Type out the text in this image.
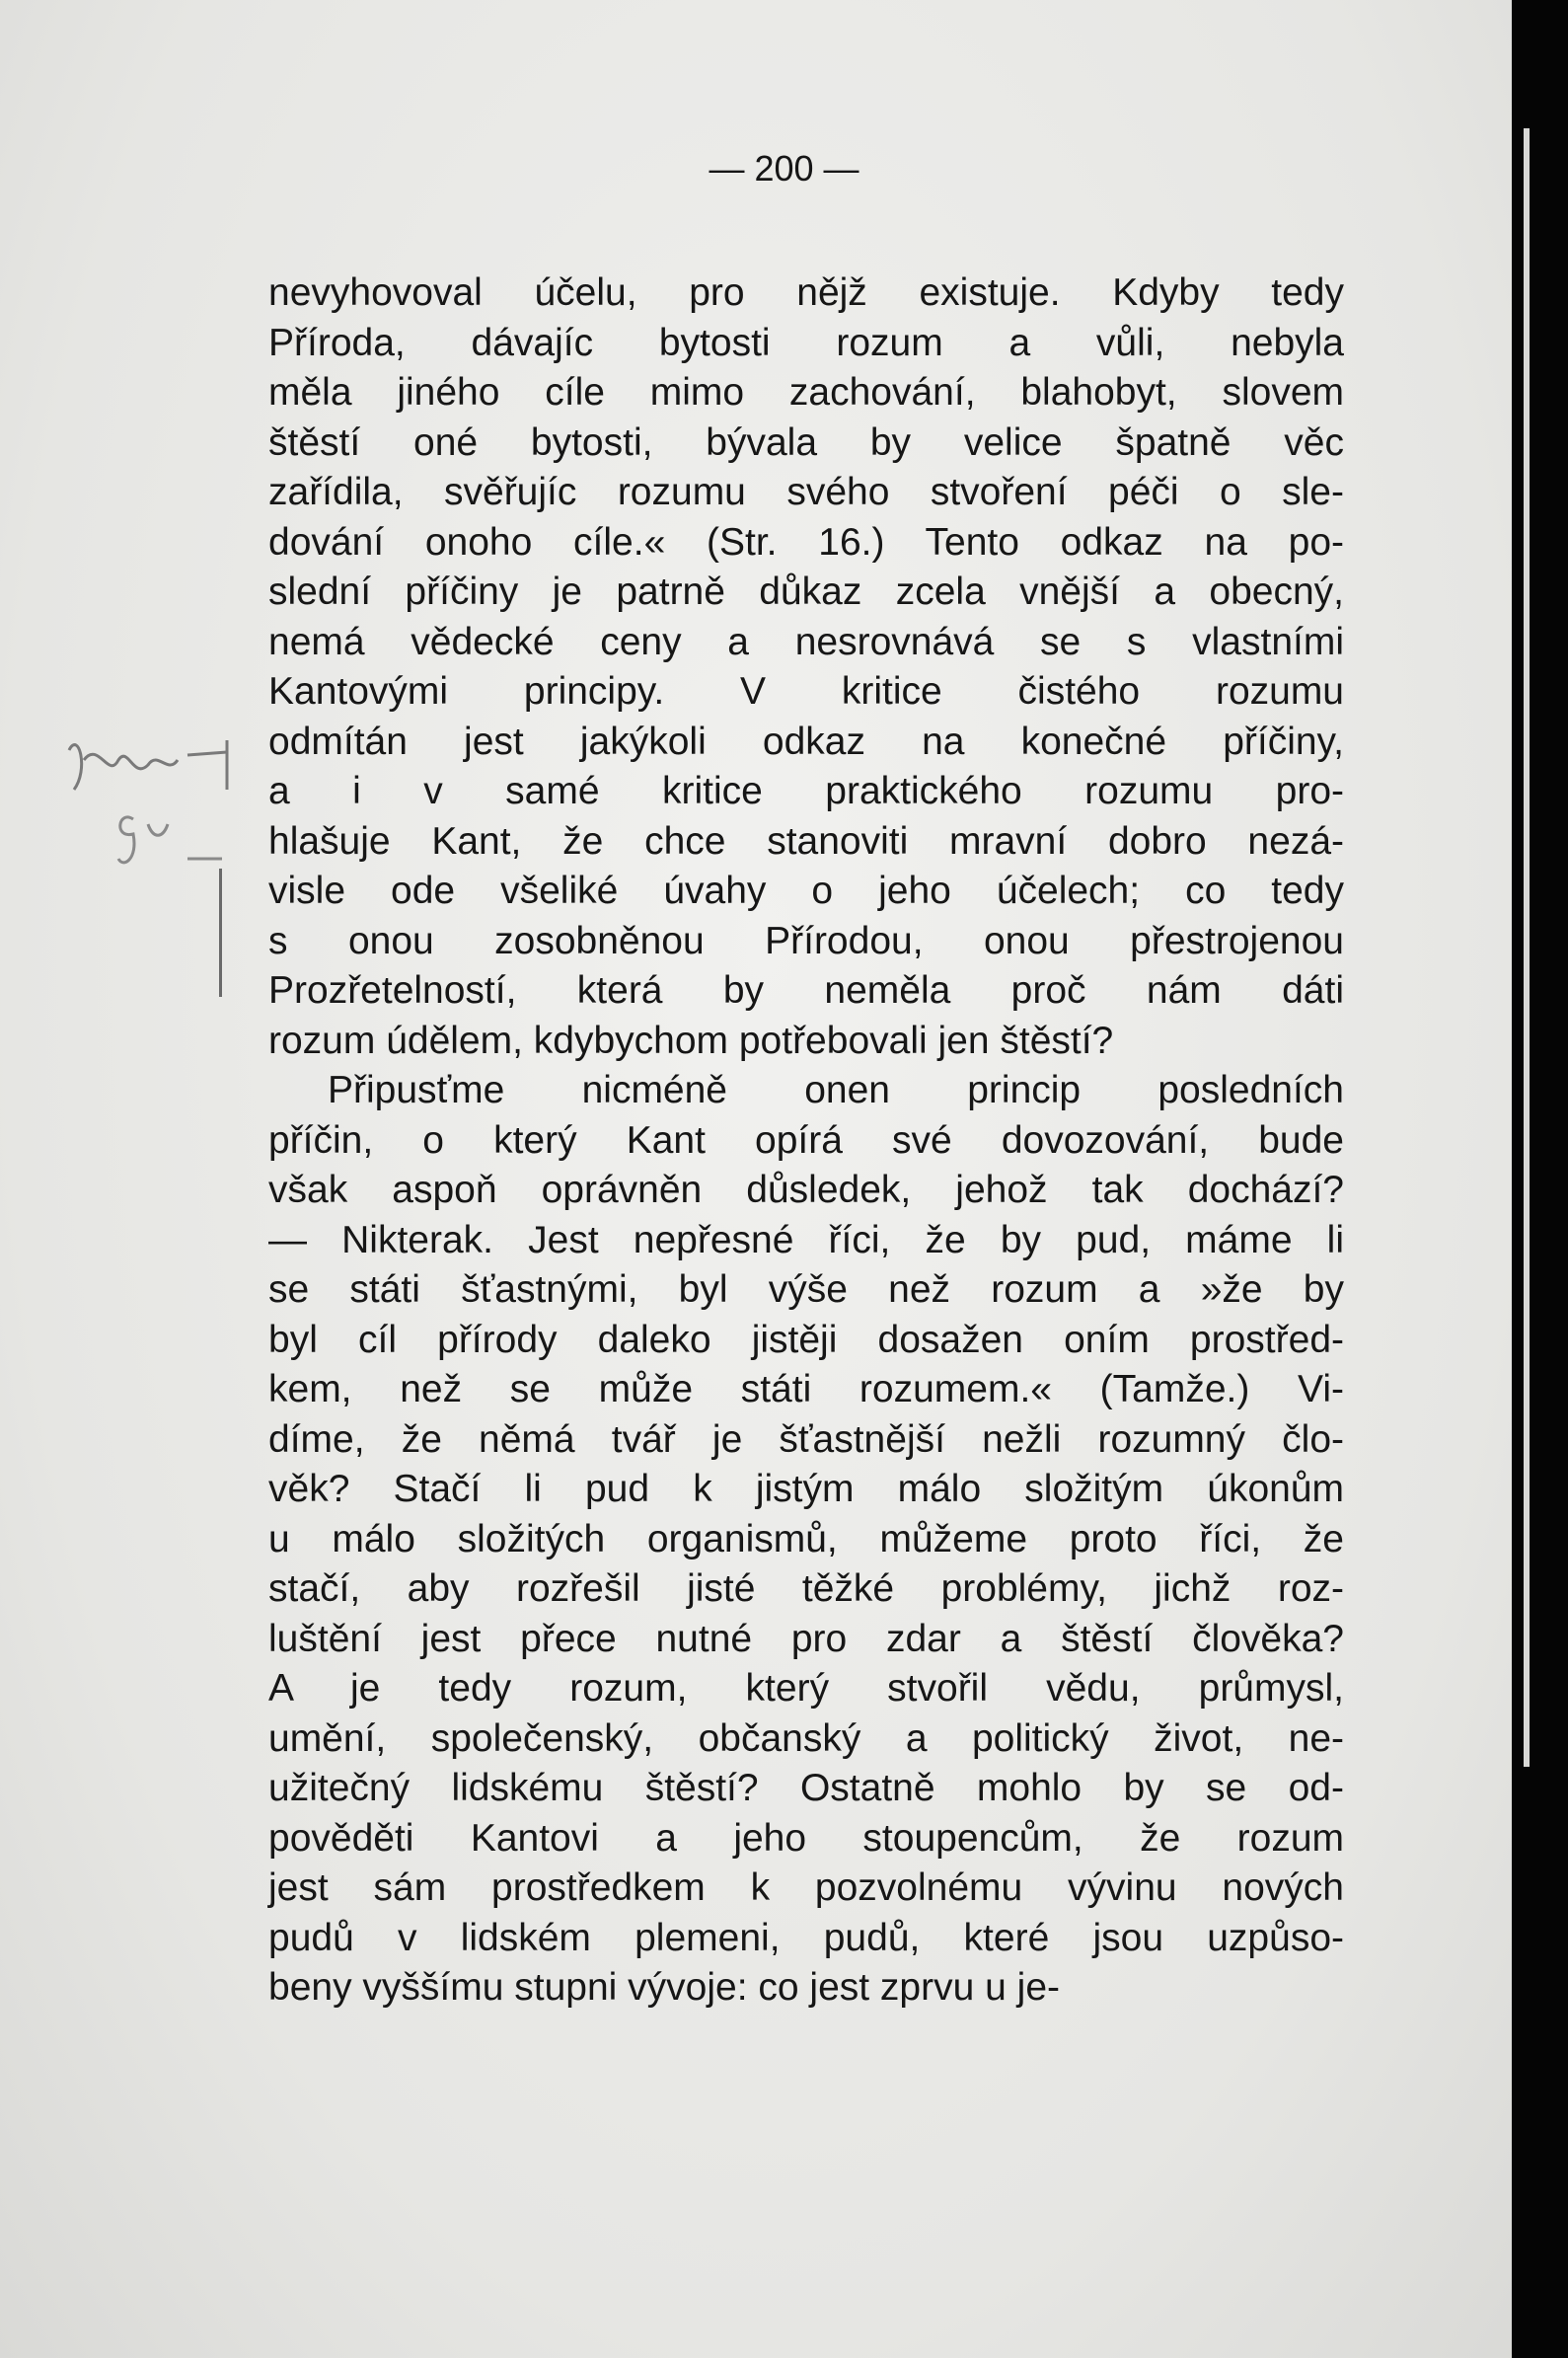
— 200 —
nevyhovoval účelu, pro nějž existuje. Kdyby tedy
Příroda, dávajíc bytosti rozum a vůli, nebyla
měla jiného cíle mimo zachování, blahobyt, slovem
štěstí oné bytosti, bývala by velice špatně věc
zařídila, svěřujíc rozumu svého stvoření péči o sle-
dování onoho cíle.« (Str. 16.) Tento odkaz na po-
slední příčiny je patrně důkaz zcela vnější a obecný,
nemá vědecké ceny a nesrovnává se s vlastními
Kantovými principy. V kritice čistého rozumu
odmítán jest jakýkoli odkaz na konečné příčiny,
a i v samé kritice praktického rozumu pro-
hlašuje Kant, že chce stanoviti mravní dobro nezá-
visle ode všeliké úvahy o jeho účelech; co tedy
s onou zosobněnou Přírodou, onou přestrojenou
Prozřetelností, která by neměla proč nám dáti
rozum údělem, kdybychom potřebovali jen štěstí?
Připusťme nicméně onen princip posledních
příčin, o který Kant opírá své dovozování, bude
však aspoň oprávněn důsledek, jehož tak dochází?
— Nikterak. Jest nepřesné říci, že by pud, máme li
se státi šťastnými, byl výše než rozum a »že by
byl cíl přírody daleko jistěji dosažen oním prostřed-
kem, než se může státi rozumem.« (Tamže.) Vi-
díme, že němá tvář je šťastnější nežli rozumný člo-
věk? Stačí li pud k jistým málo složitým úkonům
u málo složitých organismů, můžeme proto říci, že
stačí, aby rozřešil jisté těžké problémy, jichž roz-
luštění jest přece nutné pro zdar a štěstí člověka?
A je tedy rozum, který stvořil vědu, průmysl,
umění, společenský, občanský a politický život, ne-
užitečný lidskému štěstí? Ostatně mohlo by se od-
pověděti Kantovi a jeho stoupencům, že rozum
jest sám prostředkem k pozvolnému vývinu nových
pudů v lidském plemeni, pudů, které jsou uzpůso-
beny vyššímu stupni vývoje: co jest zprvu u je-
